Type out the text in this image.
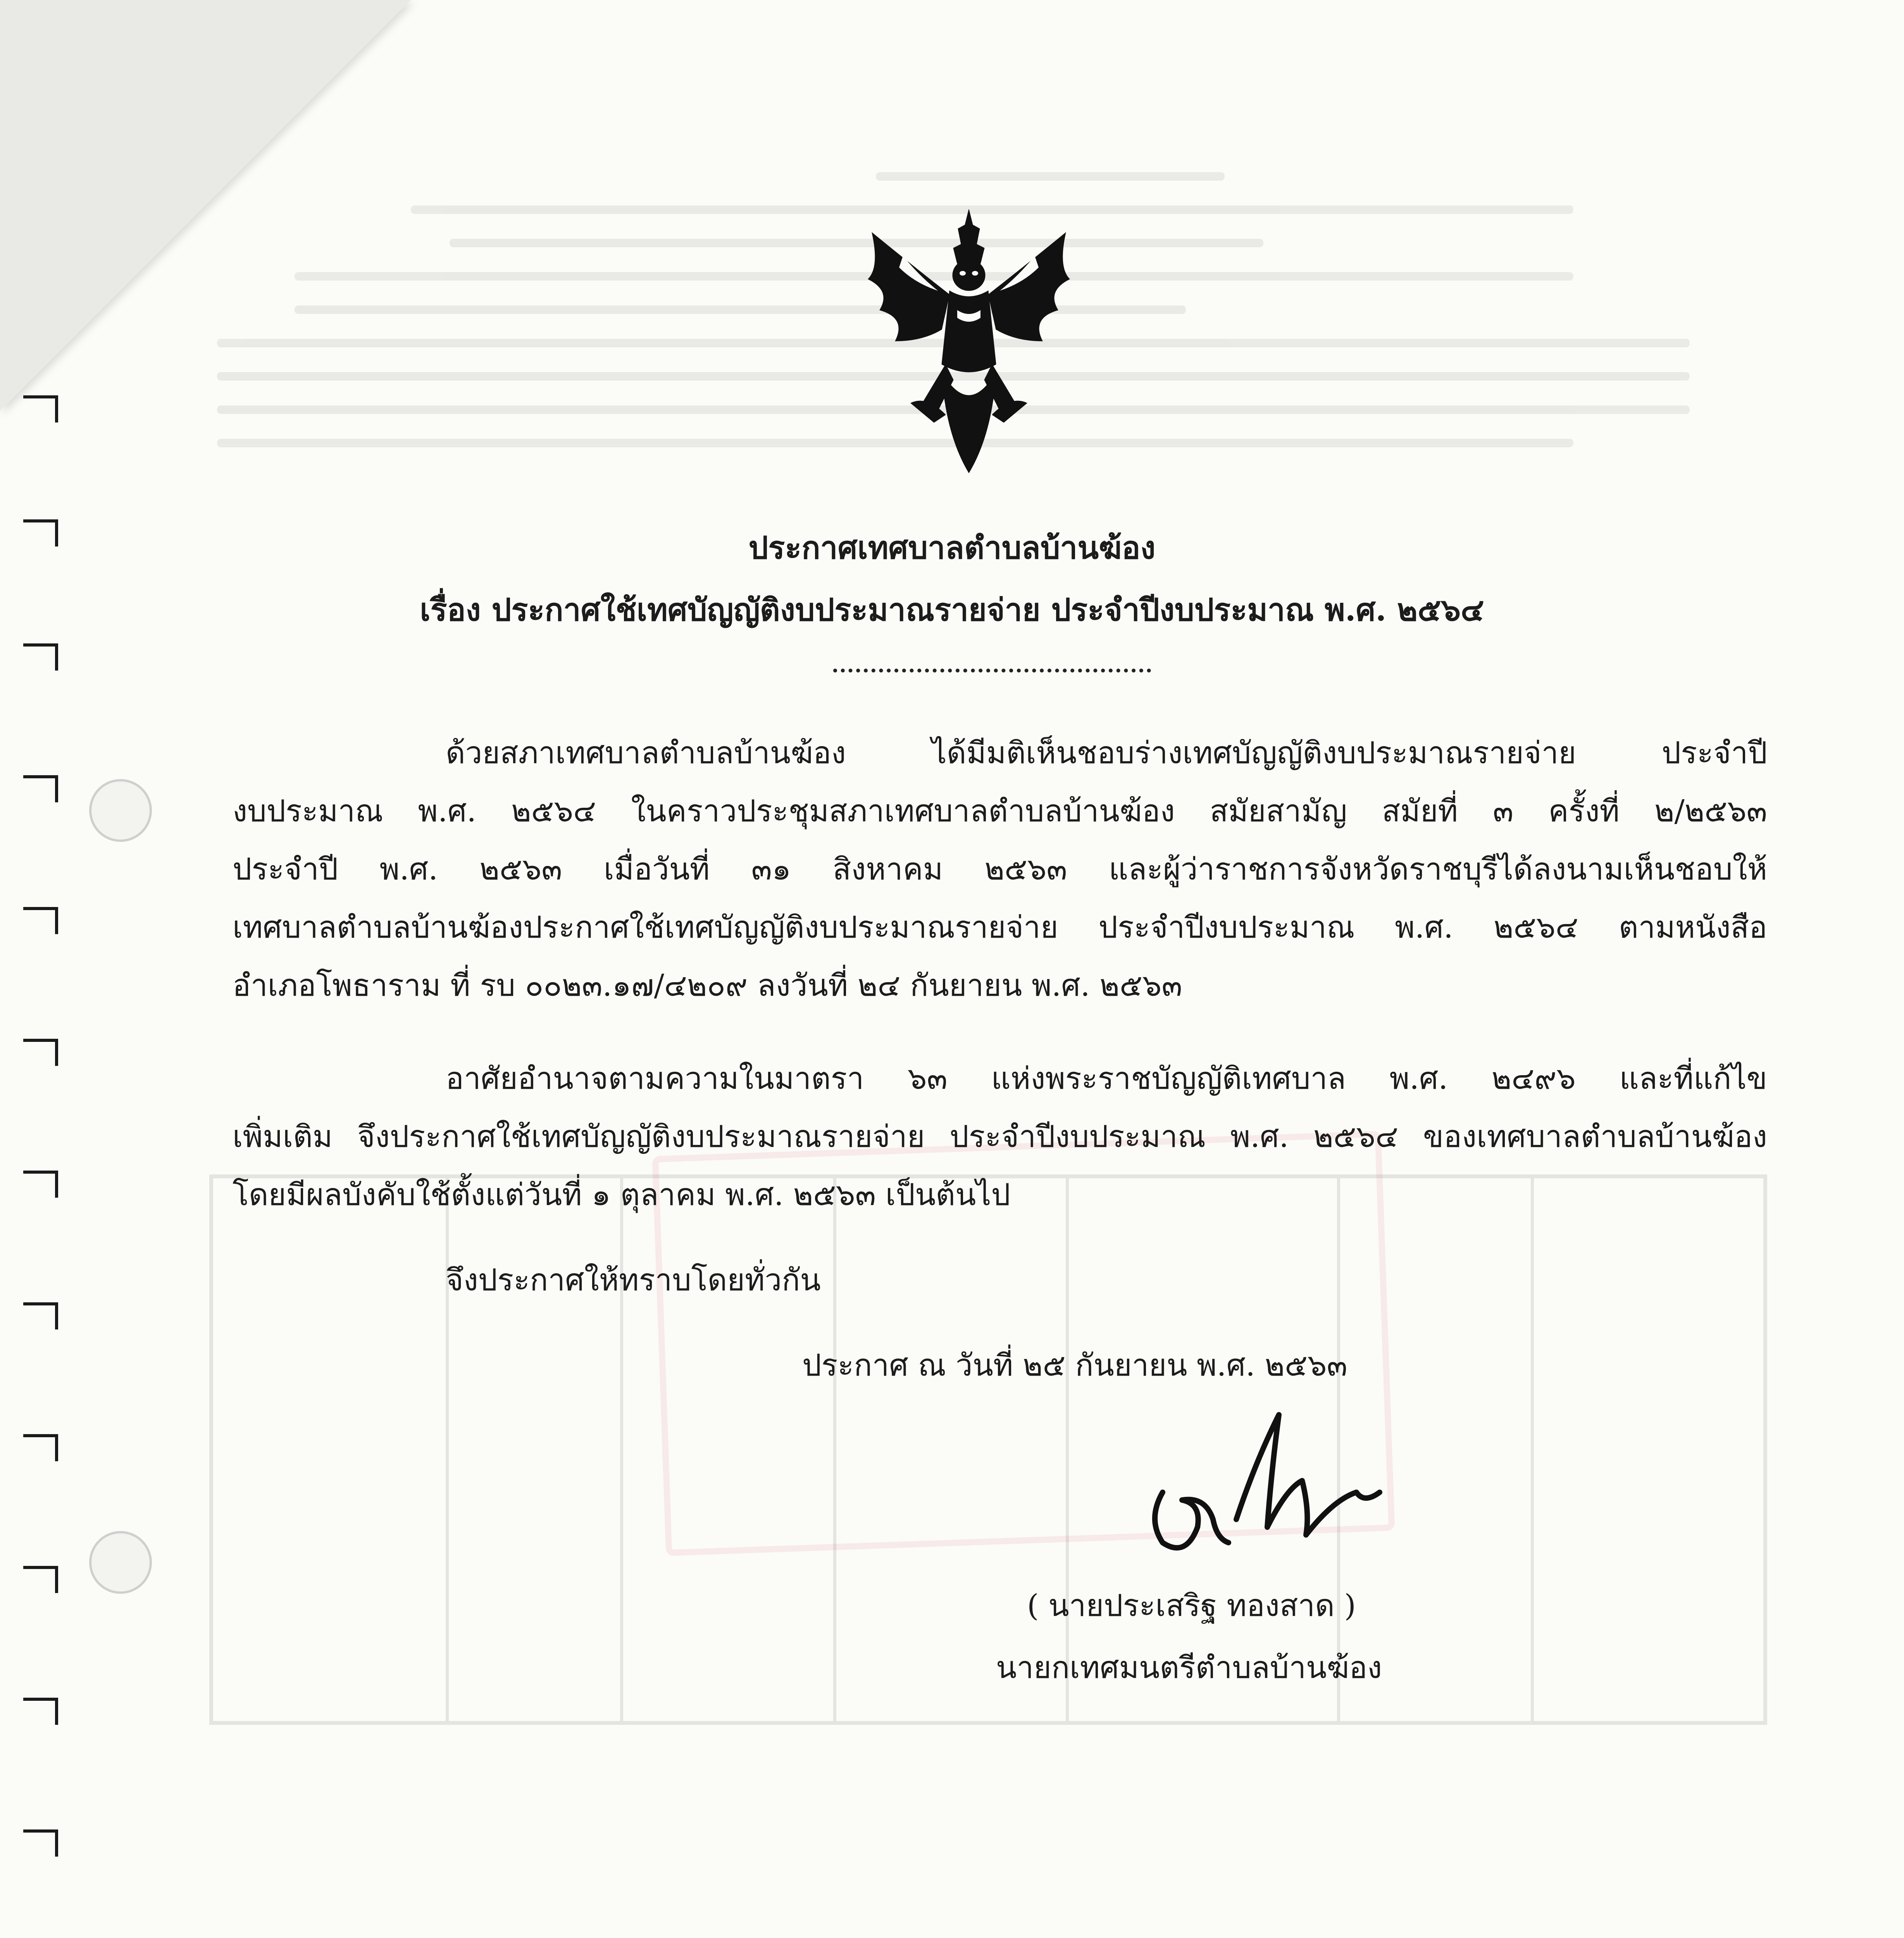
ประกาศเทศบาลตำบลบ้านฆ้อง
เรื่อง ประกาศใช้เทศบัญญัติงบประมาณรายจ่าย ประจำปีงบประมาณ พ.ศ. ๒๕๖๔
ด้วยสภาเทศบาลตำบลบ้านฆ้อง ได้มีมติเห็นชอบร่างเทศบัญญัติงบประมาณรายจ่าย ประจำปี
งบประมาณ พ.ศ. ๒๕๖๔ ในคราวประชุมสภาเทศบาลตำบลบ้านฆ้อง สมัยสามัญ สมัยที่ ๓ ครั้งที่ ๒/๒๕๖๓
ประจำปี พ.ศ. ๒๕๖๓ เมื่อวันที่ ๓๑ สิงหาคม ๒๕๖๓ และผู้ว่าราชการจังหวัดราชบุรีได้ลงนามเห็นชอบให้
เทศบาลตำบลบ้านฆ้องประกาศใช้เทศบัญญัติงบประมาณรายจ่าย ประจำปีงบประมาณ พ.ศ. ๒๕๖๔ ตามหนังสือ
อำเภอโพธาราม ที่ รบ ๐๐๒๓.๑๗/๔๒๐๙ ลงวันที่ ๒๔ กันยายน พ.ศ. ๒๕๖๓
อาศัยอำนาจตามความในมาตรา ๖๓ แห่งพระราชบัญญัติเทศบาล พ.ศ. ๒๔๙๖ และที่แก้ไข
เพิ่มเติม จึงประกาศใช้เทศบัญญัติงบประมาณรายจ่าย ประจำปีงบประมาณ พ.ศ. ๒๕๖๔ ของเทศบาลตำบลบ้านฆ้อง
โดยมีผลบังคับใช้ตั้งแต่วันที่ ๑ ตุลาคม พ.ศ. ๒๕๖๓ เป็นต้นไป
จึงประกาศให้ทราบโดยทั่วกัน
ประกาศ ณ วันที่ ๒๕ กันยายน พ.ศ. ๒๕๖๓
( นายประเสริฐ ทองสาด )
นายกเทศมนตรีตำบลบ้านฆ้อง
